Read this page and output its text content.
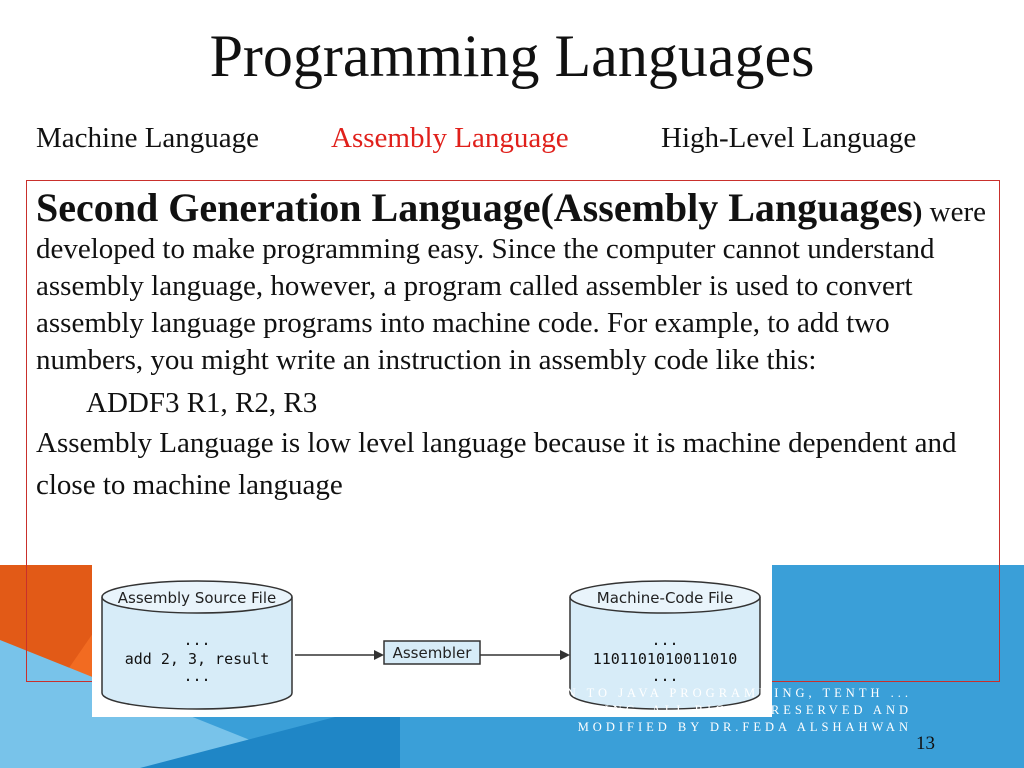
Programming Languages
Machine Language Assembly Language	High-Level Language

Second Generation Language(Assembly Languages) were developed to make programming easy. Since the computer cannot understand assembly language, however, a program called assembler is used to convert assembly language programs into machine code. For example, to add two numbers, you might write an instruction in assembly code like this:

ADDF3 R1, R2, R3

Assembly Language is low level language because it is machine dependent and close to machine language

Assembly Source File
...
add 2, 3, result
...
Assembler
Machine-Code File
...
1101101010011010
...
ION TO JAVA PROGRAMMING, TENTH ... EDUCATION, INC. ALL RIGHTS RESERVED AND MODIFIED BY DR.FEDA ALSHAHWAN
13
